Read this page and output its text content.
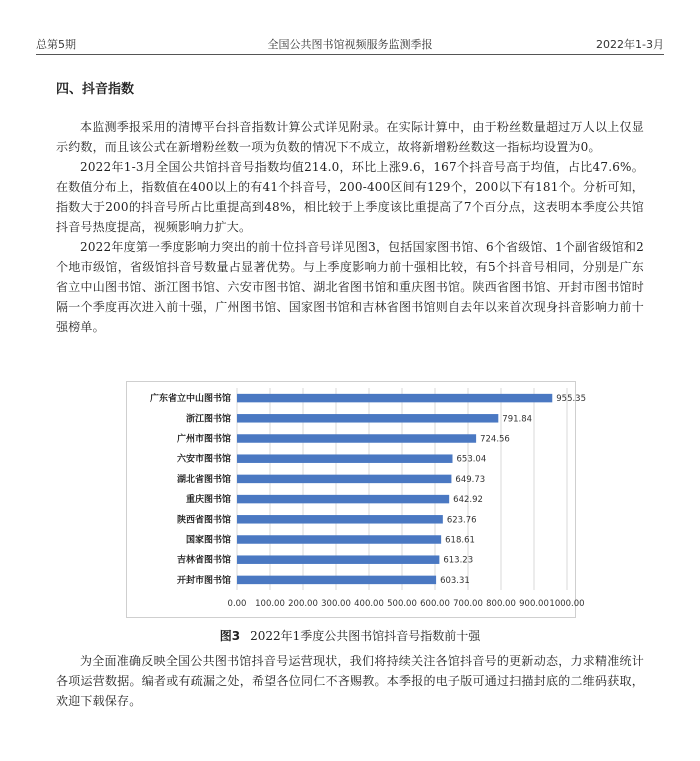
总第5期	全国公共图书馆视频服务监测季报	2022年1-3月
四、抖音指数

本监测季报采用的清博平台抖音指数计算公式详见附录。在实际计算中，由于粉丝数量超过万人以上仅显示约数，而且该公式在新增粉丝数一项为负数的情况下不成立，故将新增粉丝数这一指标均设置为0。

2022年1-3月全国公共馆抖音号指数均值214.0，环比上涨9.6，167个抖音号高于均值，占比47.6%。在数值分布上，指数值在400以上的有41个抖音号，200-400区间有129个，200以下有181个。分析可知，指数大于200的抖音号所占比重提高到48%，相比较于上季度该比重提高了7个百分点，这表明本季度公共馆抖音号热度提高，视频影响力扩大。

2022年度第一季度影响力突出的前十位抖音号详见图3，包括国家图书馆、6个省级馆、1个副省级馆和2个地市级馆，省级馆抖音号数量占显著优势。与上季度影响力前十强相比较，有5个抖音号相同，分别是广东省立中山图书馆、浙江图书馆、六安市图书馆、湖北省图书馆和重庆图书馆。陕西省图书馆、开封市图书馆时隔一个季度再次进入前十强，广州图书馆、国家图书馆和吉林省图书馆则自去年以来首次现身抖音影响力前十强榜单。

0.00 100.00 200.00 300.00 400.00 500.00 600.00 700.00 800.00 900.00 1000.00
广东省立中山图书馆	955.35
浙江图书馆	791.84
广州市图书馆	724.56
六安市图书馆	653.04
湖北省图书馆	649.73
重庆图书馆	642.92
陕西省图书馆	623.76
国家图书馆	618.61
吉林省图书馆	613.23
开封市图书馆	603.31
图3 2022年1季度公共图书馆抖音号指数前十强

为全面准确反映全国公共图书馆抖音号运营现状，我们将持续关注各馆抖音号的更新动态，力求精准统计各项运营数据。编者或有疏漏之处，希望各位同仁不吝赐教。本季报的电子版可通过扫描封底的二维码获取，欢迎下载保存。
